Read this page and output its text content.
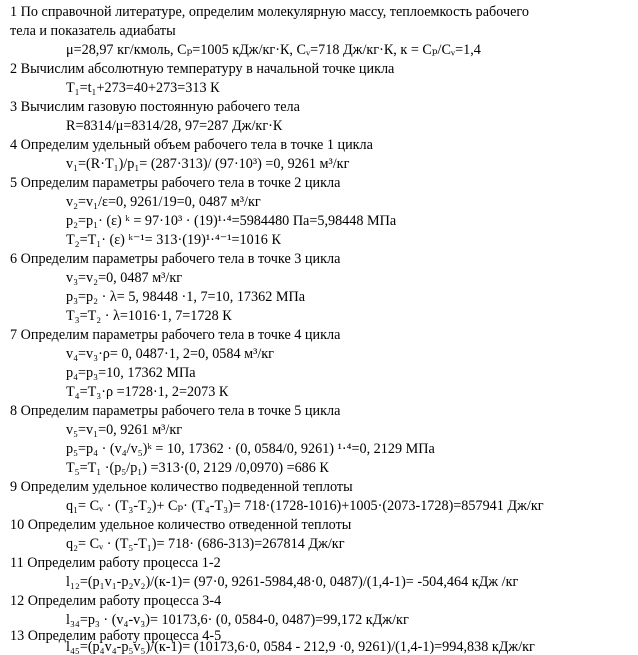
1 По справочной литературе, определим молекулярную массу, теплоемкость рабочего
тела и показатель адиабаты
μ=28,97 кг/кмоль, Cₚ=1005 кДж/кг·К, Cᵥ=718 Дж/кг·К, к = Cₚ/Cᵥ=1,4
2 Вычислим абсолютную температуру в начальной точке цикла
T₁=t₁+273=40+273=313 К
3 Вычислим газовую постоянную рабочего тела
R=8314/μ=8314/28, 97=287 Дж/кг·К
4 Определим удельный объем рабочего тела в точке 1 цикла
v₁=(R·T₁)/p₁= (287·313)/ (97·10³) =0, 9261 м³/кг
5 Определим параметры рабочего тела в точке 2 цикла
v₂=v₁/ε=0, 9261/19=0, 0487 м³/кг
p₂=p₁· (ε) ᵏ = 97·10³ · (19)¹·⁴=5984480 Па=5,98448 МПа
T₂=T₁· (ε) ᵏ⁻¹= 313·(19)¹·⁴⁻¹=1016 К
6 Определим параметры рабочего тела в точке 3 цикла
v₃=v₂=0, 0487 м³/кг
p₃=p₂ · λ= 5, 98448 ·1, 7=10, 17362 МПа
T₃=T₂ · λ=1016·1, 7=1728 К
7 Определим параметры рабочего тела в точке 4 цикла
v₄=v₃·ρ= 0, 0487·1, 2=0, 0584 м³/кг
p₄=p₃=10, 17362 МПа
T₄=T₃·ρ =1728·1, 2=2073 К
8 Определим параметры рабочего тела в точке 5 цикла
v₅=v₁=0, 9261 м³/кг
p₅=p₄ · (v₄/v₅)ᵏ = 10, 17362 · (0, 0584/0, 9261) ¹·⁴=0, 2129 МПа
T₅=T₁ ·(p₅/p₁) =313·(0, 2129 /0,0970) =686 К
9 Определим удельное количество подведенной теплоты
q₁= Cᵥ · (T₃-T₂)+ Cₚ· (T₄-T₃)= 718·(1728-1016)+1005·(2073-1728)=857941 Дж/кг
10 Определим удельное количество отведенной теплоты
q₂= Cᵥ · (T₅-T₁)= 718· (686-313)=267814 Дж/кг
11 Определим работу процесса 1-2
l₁₂=(p₁v₁-p₂v₂)/(к-1)= (97·0, 9261-5984,48·0, 0487)/(1,4-1)= -504,464 кДж /кг
12 Определим работу процесса 3-4
l₃₄=p₃ · (v₄-v₃)= 10173,6· (0, 0584-0, 0487)=99,172 кДж/кг
13 Определим работу процесса 4-5
l₄₅=(p₄v₄-p₅v₅)/(к-1)= (10173,6·0, 0584 - 212,9 ·0, 9261)/(1,4-1)=994,838 кДж/кг
